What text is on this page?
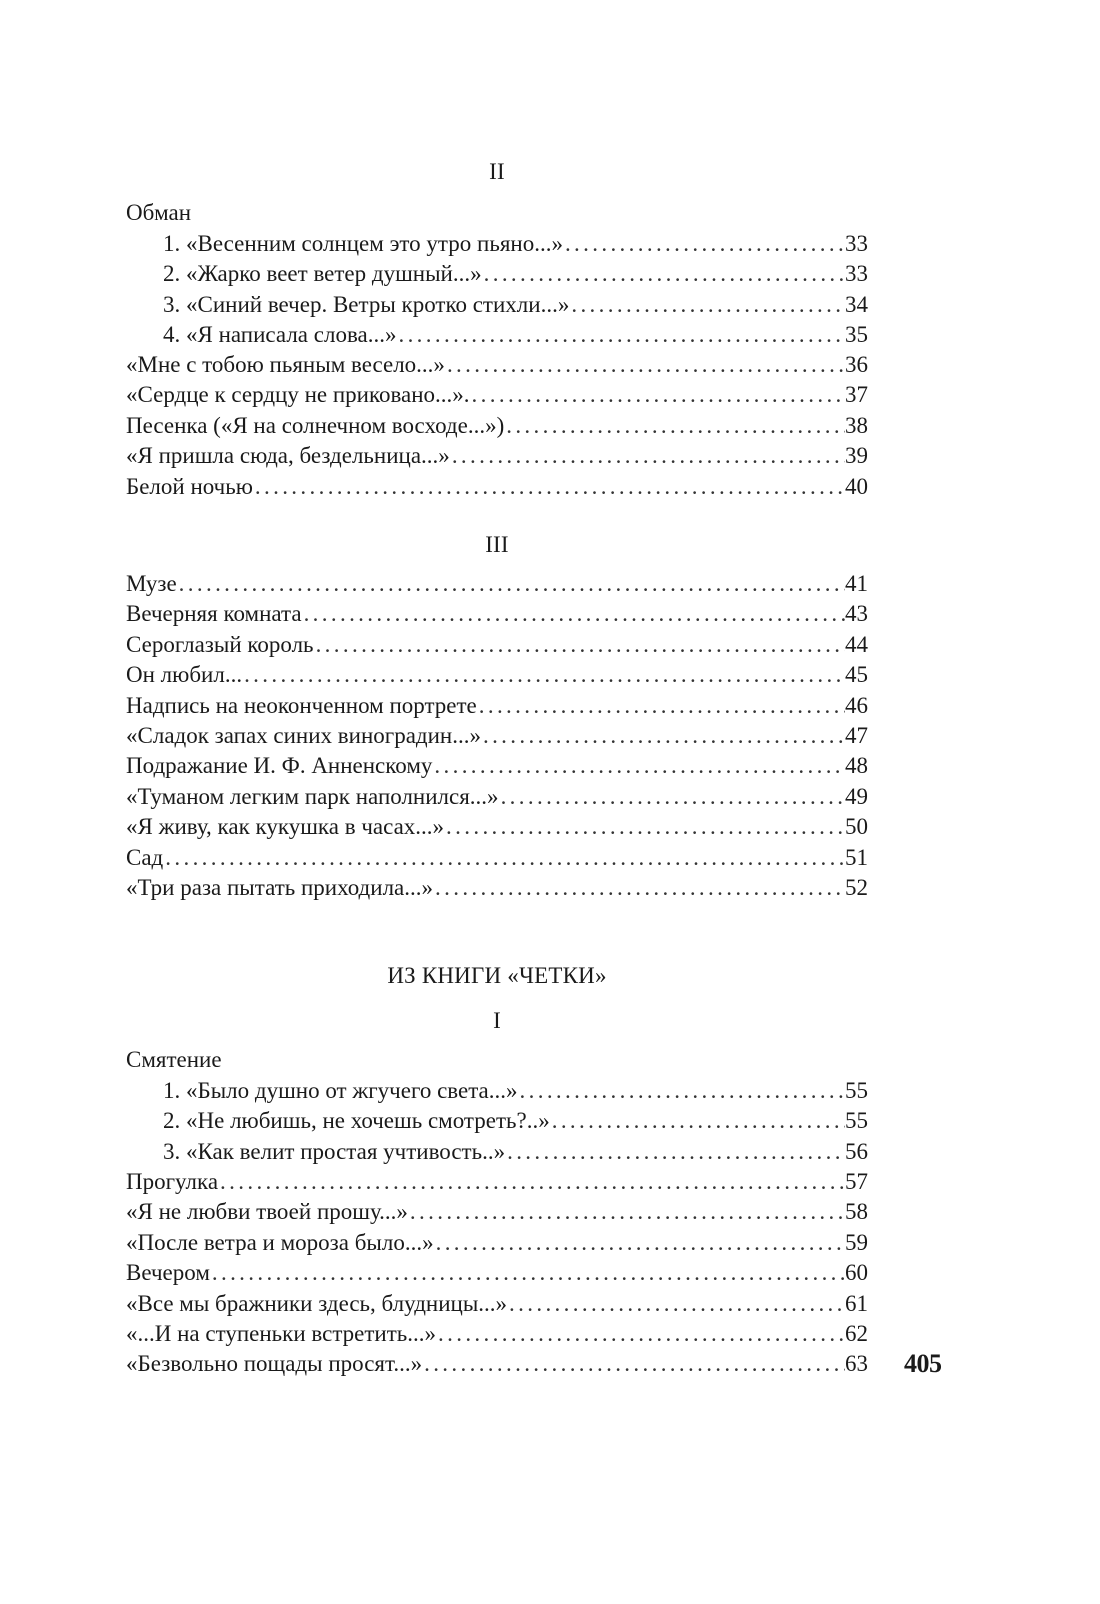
II
Обман
1. «Весенним солнцем это утро пьяно...» . . .	33
2. «Жарко веет ветер душный...» . . .	33
3. «Синий вечер. Ветры кротко стихли...» . . .	34
4. «Я написала слова...» . . .	35
«Мне с тобою пьяным весело...» . . .	36
«Сердце к сердцу не приковано...». . . .	37
Песенка («Я на солнечном восходе...») . . .	38
«Я пришла сюда, бездельница...» . . .	39
Белой ночью . . .	40
III
Музе . . .	41
Вечерняя комната . . .	43
Сероглазый король . . .	44
Он любил... . . .	45
Надпись на неоконченном портрете . . .	46
«Сладок запах синих виноградин...» . . .	47
Подражание И. Ф. Анненскому . . .	48
«Туманом легким парк наполнился...» . . .	49
«Я живу, как кукушка в часах...» . . .	50
Сад . . .	51
«Три раза пытать приходила...» . . .	52
ИЗ КНИГИ «ЧЕТКИ»
I
Смятение
1. «Было душно от жгучего света...» . . .	55
2. «Не любишь, не хочешь смотреть?..» . . .	55
3. «Как велит простая учтивость..» . . .	56
Прогулка . . .	57
«Я не любви твоей прошу...» . . .	58
«После ветра и мороза было...» . . .	59
Вечером . . .	60
«Все мы бражники здесь, блудницы...» . . .	61
«...И на ступеньки встретить...» . . .	62
«Безвольно пощады просят...» . . .	63 405
